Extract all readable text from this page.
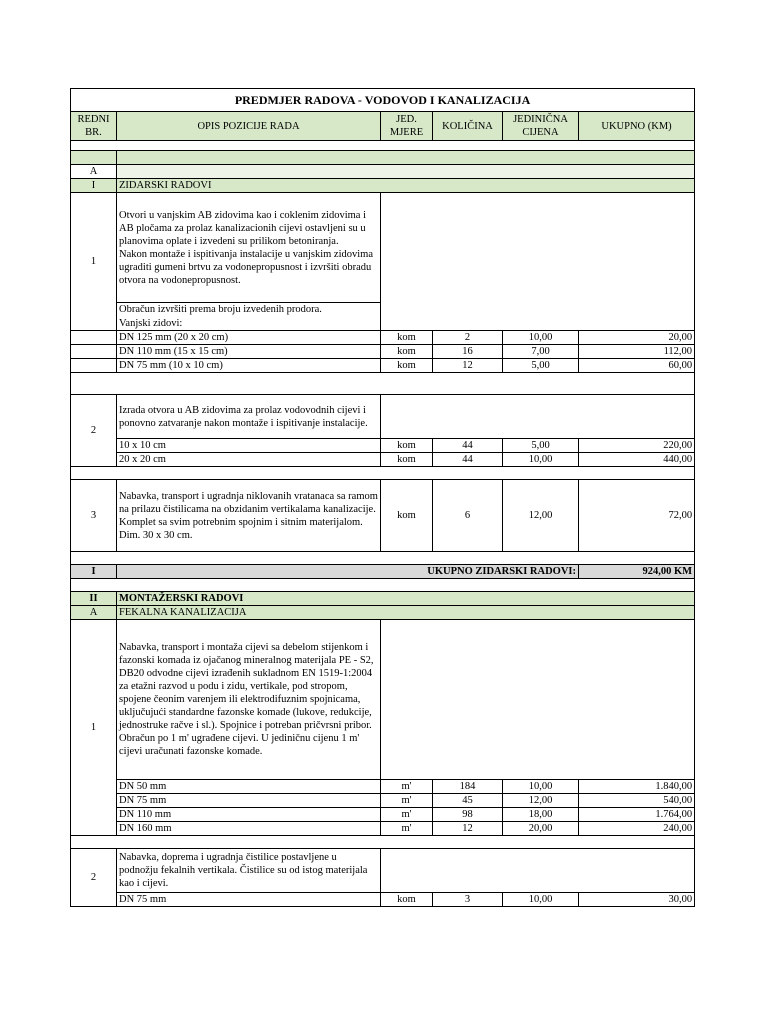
PREDMJER RADOVA - VODOVOD I KANALIZACIJA					
REDNI BR.	OPIS POZICIJE RADA	JED. MJERE	KOLIČINA	JEDINIČNA CIJENA	UKUPNO (KM)

A					
I	ZIDARSKI RADOVI				
1	Otvori u vanjskim AB zidovima kao i coklenim zidovima i AB pločama za prolaz kanalizacionih cijevi ostavljeni su u planovima oplate i izvedeni su prilikom betoniranja.
Nakon montaže i ispitivanja instalacije u vanjskim zidovima ugraditi gumeni brtvu za vodonepropusnost i izvršiti obradu otvora na vodonepropusnost.				
	Obračun izvršiti prema broju izvedenih prodora.				
	Vanjski zidovi:				
	DN 125 mm (20 x 20 cm)	kom	2	10,00	20,00
	DN 110 mm (15 x 15 cm)	kom	16	7,00	112,00
	DN 75 mm (10 x 10 cm)	kom	12	5,00	60,00

2	Izrada otvora u AB zidovima za prolaz vodovodnih cijevi i ponovno zatvaranje nakon montaže i ispitivanje instalacije.				
	10 x 10 cm	kom	44	5,00	220,00
	20 x 20 cm	kom	44	10,00	440,00

3	Nabavka, transport i ugradnja niklovanih vratanaca sa ramom na prilazu čistilicama na obzidanim vertikalama kanalizacije. Komplet sa svim potrebnim spojnim i sitnim materijalom. Dim. 30 x 30 cm.	kom	6	12,00	72,00

I	UKUPNO ZIDARSKI RADOVI:				924,00 KM

II	MONTAŽERSKI RADOVI				
A	FEKALNA KANALIZACIJA				
1	Nabavka, transport i montaža cijevi sa debelom stijenkom i fazonski komada iz ojačanog mineralnog materijala PE - S2, DB20 odvodne cijevi izrađenih sukladnom EN 1519-1:2004 za etažni razvod u podu i zidu, vertikale, pod stropom, spojene čeonim varenjem ili elektrodifuznim spojnicama, uključujući standardne fazonske komade (lukove, redukcije, jednostruke račve i sl.). Spojnice i potreban pričvrsni pribor.
Obračun po 1 m' ugrađene cijevi. U jediničnu cijenu 1 m' cijevi uračunati fazonske komade.				
	DN 50 mm	m'	184	10,00	1.840,00
	DN 75 mm	m'	45	12,00	540,00
	DN 110 mm	m'	98	18,00	1.764,00
	DN 160 mm	m'	12	20,00	240,00

2	Nabavka, doprema i ugradnja čistilice postavljene u podnožju fekalnih vertikala. Čistilice su od istog materijala kao i cijevi.				
	DN 75 mm	kom	3	10,00	30,00
